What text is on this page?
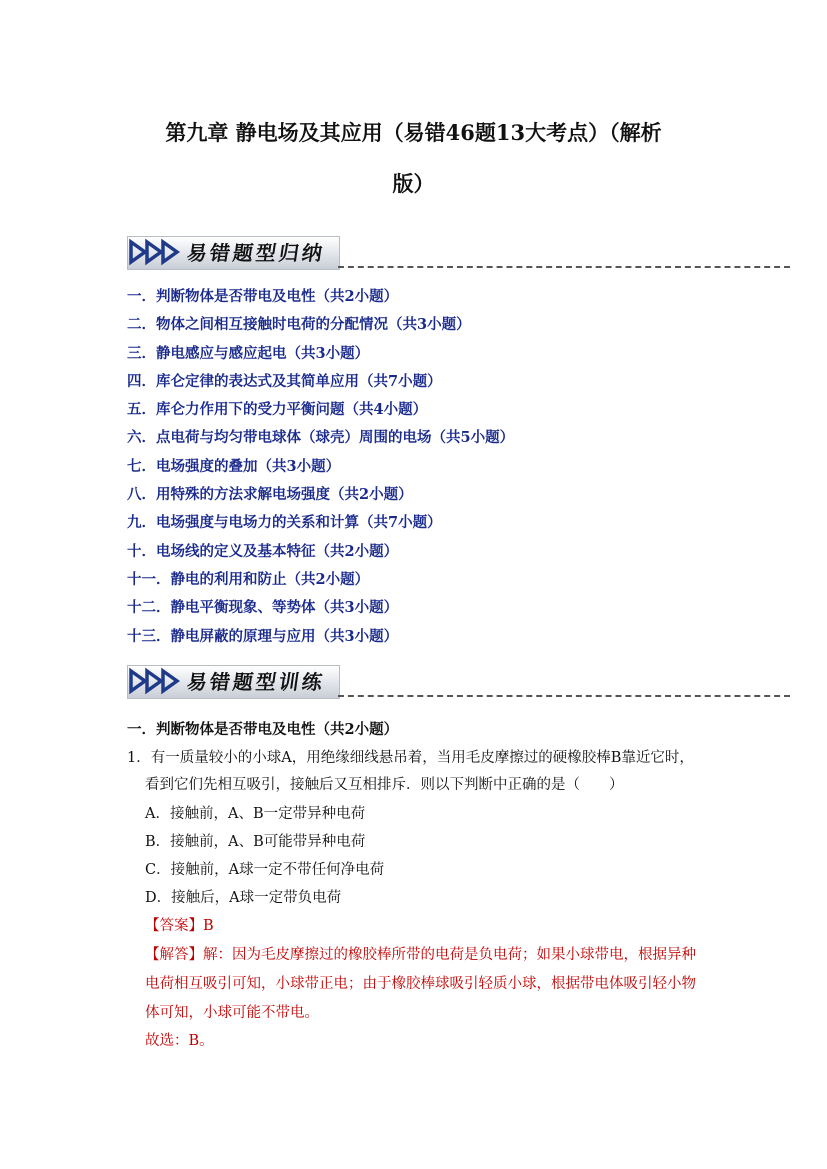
第九章 静电场及其应用（易错46题13大考点）（解析
版）
易错题型归纳
一．判断物体是否带电及电性（共2小题）
二．物体之间相互接触时电荷的分配情况（共3小题）
三．静电感应与感应起电（共3小题）
四．库仑定律的表达式及其简单应用（共7小题）
五．库仑力作用下的受力平衡问题（共4小题）
六．点电荷与均匀带电球体（球壳）周围的电场（共5小题）
七．电场强度的叠加（共3小题）
八．用特殊的方法求解电场强度（共2小题）
九．电场强度与电场力的关系和计算（共7小题）
十．电场线的定义及基本特征（共2小题）
十一．静电的利用和防止（共2小题）
十二．静电平衡现象、等势体（共3小题）
十三．静电屏蔽的原理与应用（共3小题）
易错题型训练
一．判断物体是否带电及电性（共2小题）
1．有一质量较小的小球A，用绝缘细线悬吊着，当用毛皮摩擦过的硬橡胶棒B靠近它时，
看到它们先相互吸引，接触后又互相排斥．则以下判断中正确的是（　　）
A．接触前，A、B一定带异种电荷
B．接触前，A、B可能带异种电荷
C．接触前，A球一定不带任何净电荷
D．接触后，A球一定带负电荷
【答案】B
【解答】解：因为毛皮摩擦过的橡胶棒所带的电荷是负电荷；如果小球带电，根据异种
电荷相互吸引可知，小球带正电；由于橡胶棒球吸引轻质小球，根据带电体吸引轻小物
体可知，小球可能不带电。
故选：B。
